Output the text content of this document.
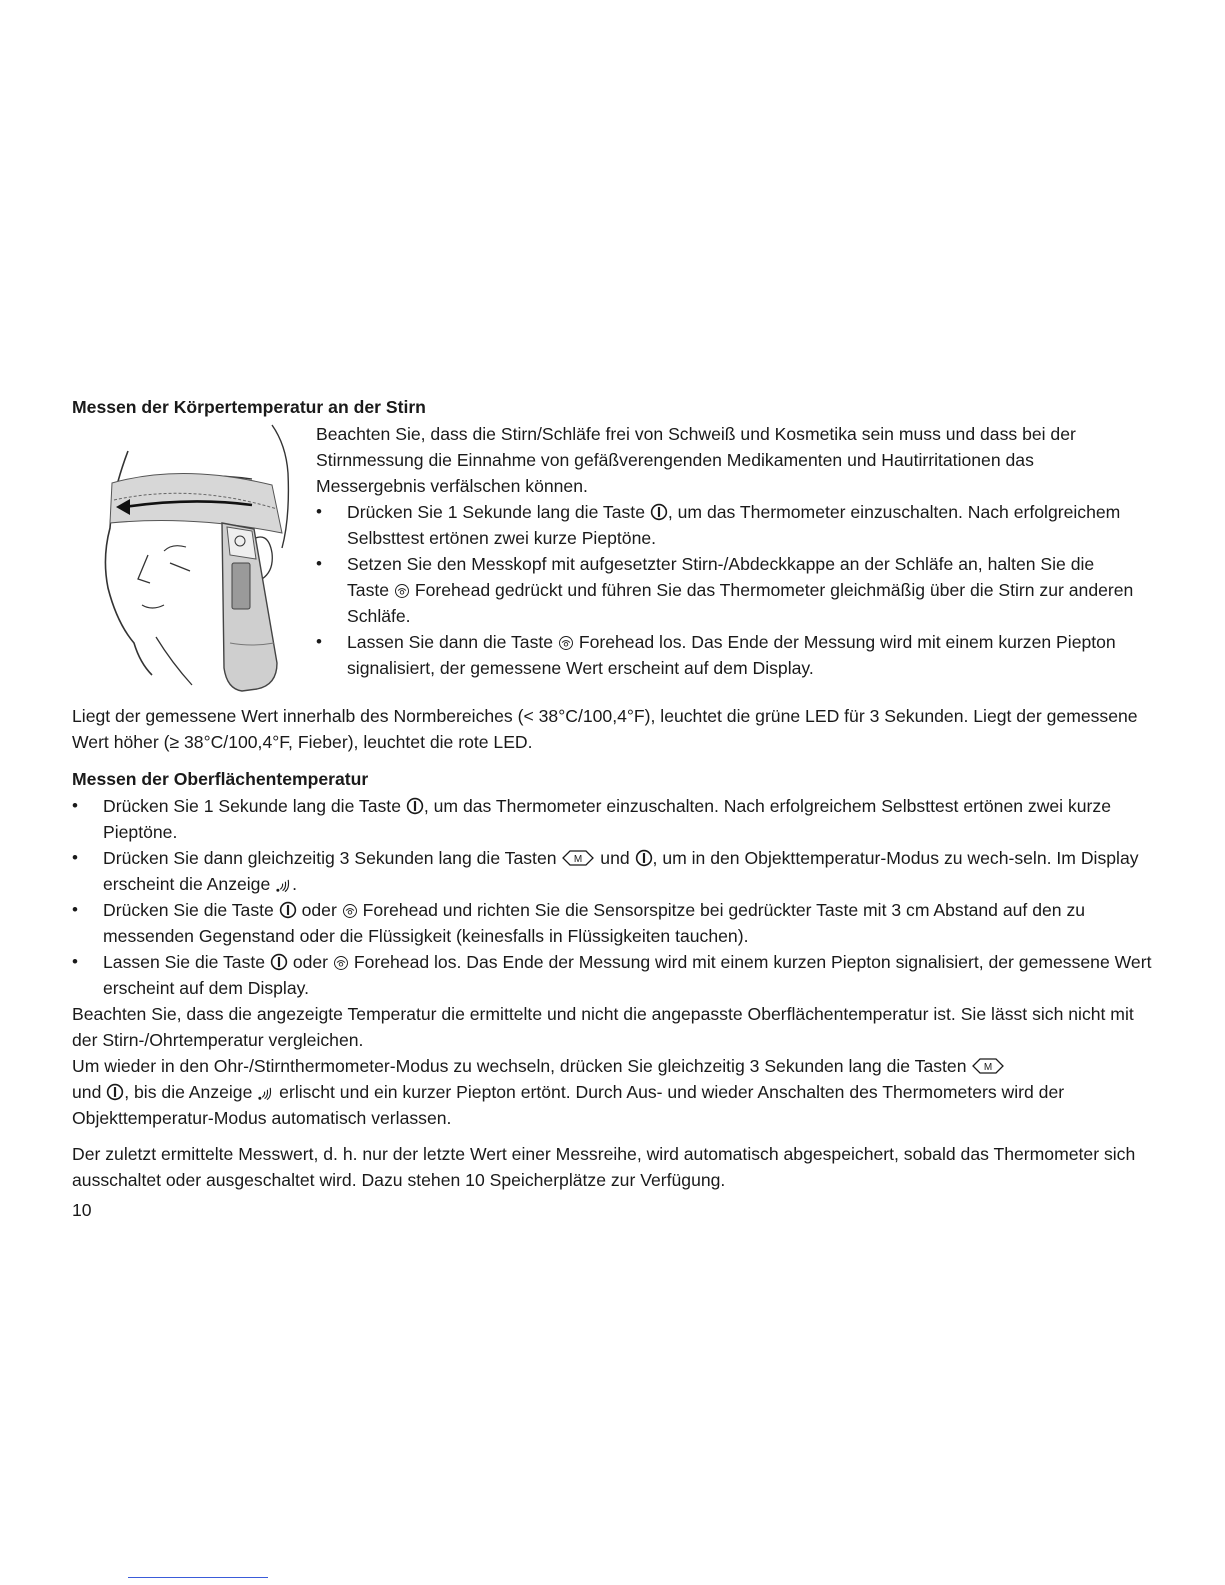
Messen der Körpertemperatur an der Stirn

Beachten Sie, dass die Stirn/Schläfe frei von Schweiß und Kosmetika sein muss und dass bei der Stirnmessung die Einnahme von gefäßverengenden Medikamenten und Hautirritationen das Messergebnis verfälschen können.

• Drücken Sie 1 Sekunde lang die Taste , um das Thermometer einzuschalten. Nach erfolgreichem Selbsttest ertönen zwei kurze Pieptöne.
• Setzen Sie den Messkopf mit aufgesetzter Stirn-/Abdeckkappe an der Schläfe an, halten Sie die Taste  Forehead gedrückt und führen Sie das Thermometer gleichmäßig über die Stirn zur anderen Schläfe.
• Lassen Sie dann die Taste  Forehead los. Das Ende der Messung wird mit einem kurzen Piepton signalisiert, der gemessene Wert erscheint auf dem Display.

Liegt der gemessene Wert innerhalb des Normbereiches (< 38°C/100,4°F), leuchtet die grüne LED für 3 Sekunden. Liegt der gemessene Wert höher (≥ 38°C/100,4°F, Fieber), leuchtet die rote LED.

Messen der Oberflächentemperatur
• Drücken Sie 1 Sekunde lang die Taste , um das Thermometer einzuschalten. Nach erfolgreichem Selbsttest ertönen zwei kurze Pieptöne.
• Drücken Sie dann gleichzeitig 3 Sekunden lang die Tasten M und , um in den Objekttemperatur-Modus zu wech-seln. Im Display erscheint die Anzeige .
• Drücken Sie die Taste  oder  Forehead und richten Sie die Sensorspitze bei gedrückter Taste mit 3 cm Abstand auf den zu messenden Gegenstand oder die Flüssigkeit (keinesfalls in Flüssigkeiten tauchen).
• Lassen Sie die Taste  oder  Forehead los. Das Ende der Messung wird mit einem kurzen Piepton signalisiert, der gemessene Wert erscheint auf dem Display.

Beachten Sie, dass die angezeigte Temperatur die ermittelte und nicht die angepasste Oberflächentemperatur ist. Sie lässt sich nicht mit der Stirn-/Ohrtemperatur vergleichen.

Um wieder in den Ohr-/Stirnthermometer-Modus zu wechseln, drücken Sie gleichzeitig 3 Sekunden lang die Tasten M

und , bis die Anzeige  erlischt und ein kurzer Piepton ertönt. Durch Aus- und wieder Anschalten des Thermometers wird der Objekttemperatur-Modus automatisch verlassen.

Der zuletzt ermittelte Messwert, d. h. nur der letzte Wert einer Messreihe, wird automatisch abgespeichert, sobald das Thermometer sich ausschaltet oder ausgeschaltet wird. Dazu stehen 10 Speicherplätze zur Verfügung.

10
